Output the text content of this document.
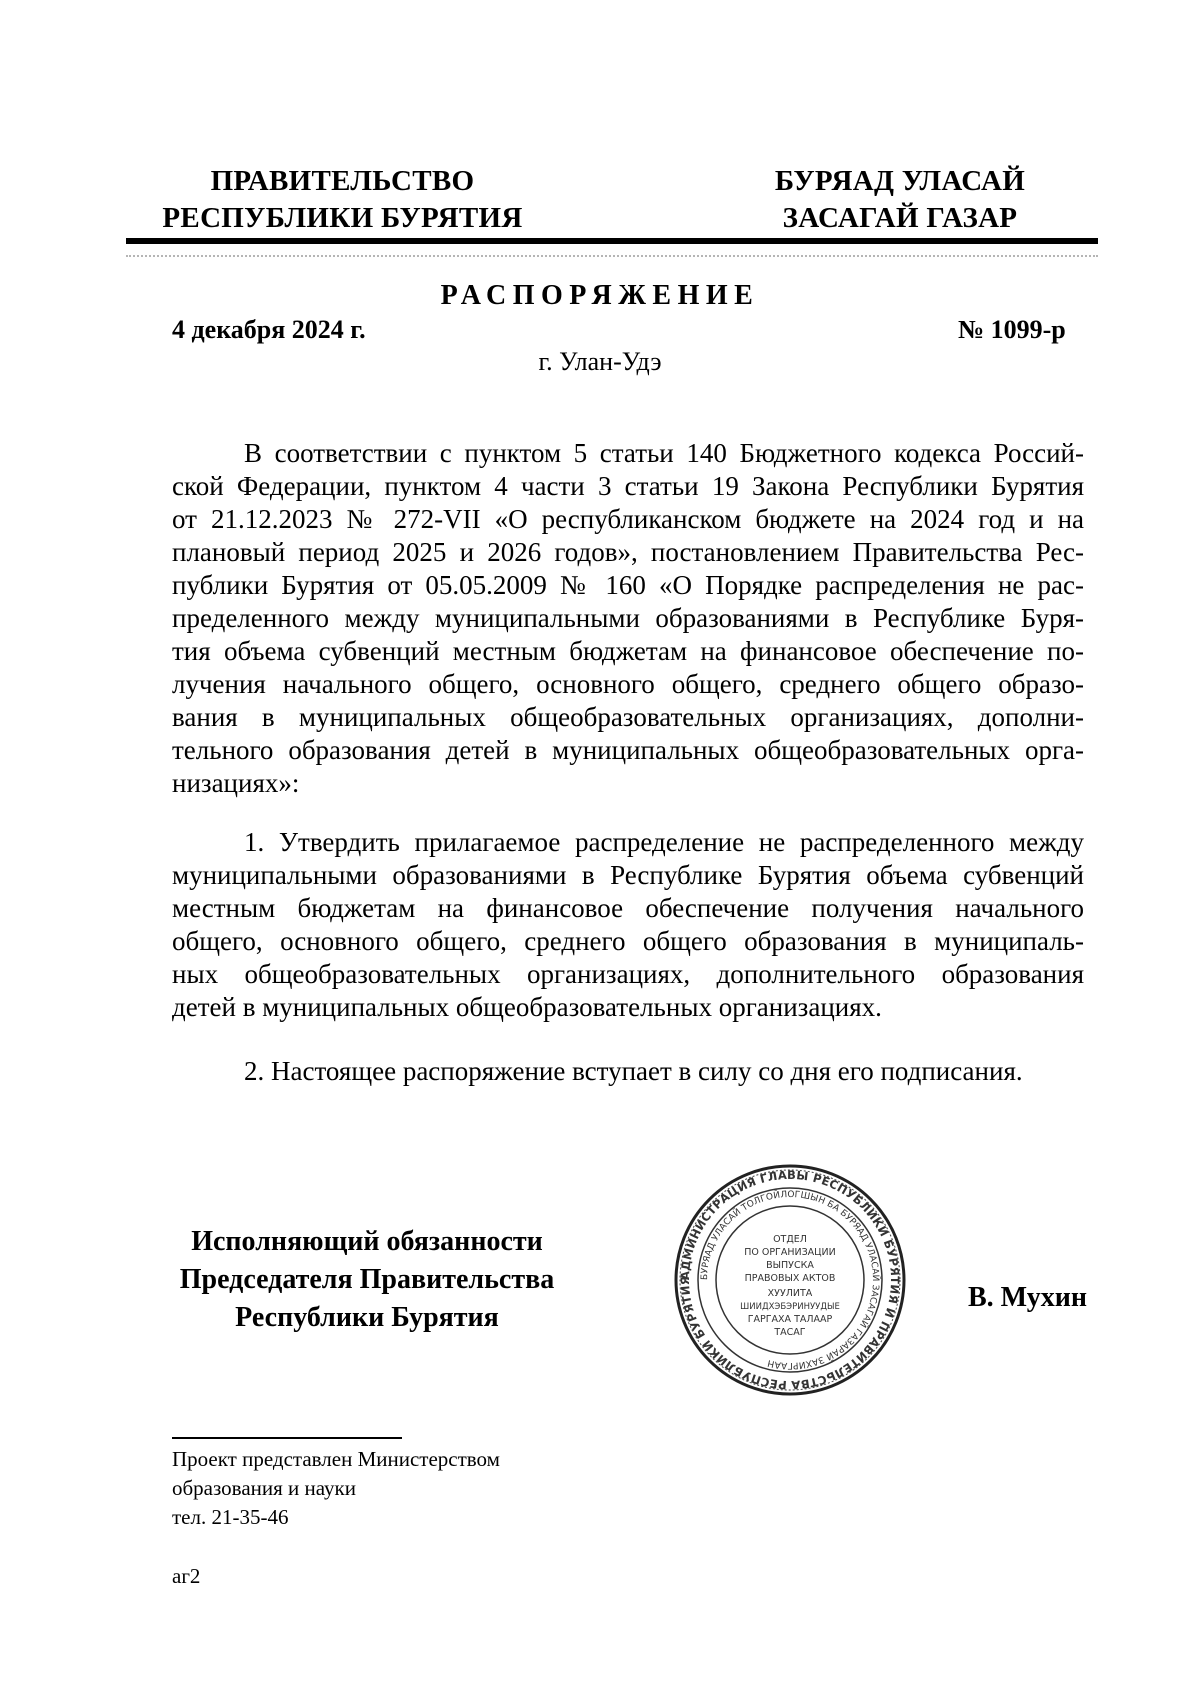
ПРАВИТЕЛЬСТВО
РЕСПУБЛИКИ БУРЯТИЯ
БУРЯАД УЛАСАЙ
ЗАСАГАЙ ГАЗАР
РАСПОРЯЖЕНИЕ
4 декабря 2024 г.	№ 1099-р
г. Улан-Удэ
В соответствии с пунктом 5 статьи 140 Бюджетного кодекса Россий-
ской Федерации, пунктом 4 части 3 статьи 19 Закона Республики Бурятия
от 21.12.2023 № 272-VII «О республиканском бюджете на 2024 год и на
плановый период 2025 и 2026 годов», постановлением Правительства Рес-
публики Бурятия от 05.05.2009 № 160 «О Порядке распределения не рас-
пределенного между муниципальными образованиями в Республике Буря-
тия объема субвенций местным бюджетам на финансовое обеспечение по-
лучения начального общего, основного общего, среднего общего образо-
вания в муниципальных общеобразовательных организациях, дополни-
тельного образования детей в муниципальных общеобразовательных орга-
низациях»:
1. Утвердить прилагаемое распределение не распределенного между
муниципальными образованиями в Республике Бурятия объема субвенций
местным бюджетам на финансовое обеспечение получения начального
общего, основного общего, среднего общего образования в муниципаль-
ных общеобразовательных организациях, дополнительного образования
детей в муниципальных общеобразовательных организациях.
2. Настоящее распоряжение вступает в силу со дня его подписания.
Исполняющий обязанности
Председателя Правительства
Республики Бурятия
АДМИНИСТРАЦИЯ ГЛАВЫ РЕСПУБЛИКИ БУРЯТИЯ И ПРАВИТЕЛЬСТВА РЕСПУБЛИКИ БУРЯТИЯ БУРЯАД УЛАСАЙ ТОЛГОЙЛОГШЫН БА БУРЯАД УЛАСАЙ ЗАСАГАЙ ГАЗАРАЙ ЗАХИРГААН
ОТДЕЛ
ПО ОРГАНИЗАЦИИ
ВЫПУСКА
ПРАВОВЫХ АКТОВ
ХУУЛИТА
ШИИДХЭБЭРИНУУДЫЕ
ГАРГАХА ТАЛААР
ТАСАГ
В. Мухин
Проект представлен Министерством
образования и науки
тел. 21-35-46
аг2
